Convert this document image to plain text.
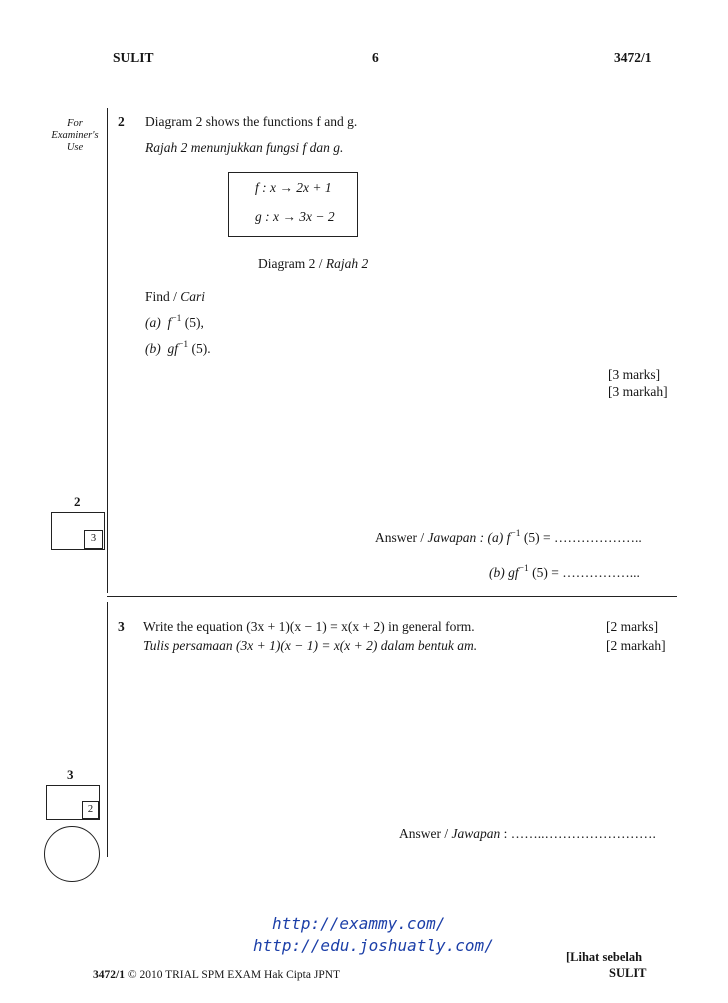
SULIT	6	3472/1
For
Examiner's
Use
2 Diagram 2 shows the functions f and g.
Rajah 2 menunjukkan fungsi f dan g.
f : x → 2x + 1
g : x → 3x − 2
Diagram 2 / Rajah 2
Find / Cari
(a) $f^{-1}$ (5),
(b) $gf^{-1}$ (5).
[3 marks]
[3 markah]
2
3	Answer / Jawapan : (a) $f^{-1}$ (5) = ………………..
(b) $gf^{-1}$ (5) = ……………...
3 Write the equation (3x + 1)(x − 1) = x(x + 2) in general form.
Tulis persamaan (3x + 1)(x − 1) = x(x + 2) dalam bentuk am.
[2 marks]
[2 markah]
3
2
Answer / Jawapan : ……..…………………….
http://exammy.com/
http://edu.joshuatly.com/
3472/1 © 2010 TRIAL SPM EXAM Hak Cipta JPNT
[Lihat sebelah
SULIT
